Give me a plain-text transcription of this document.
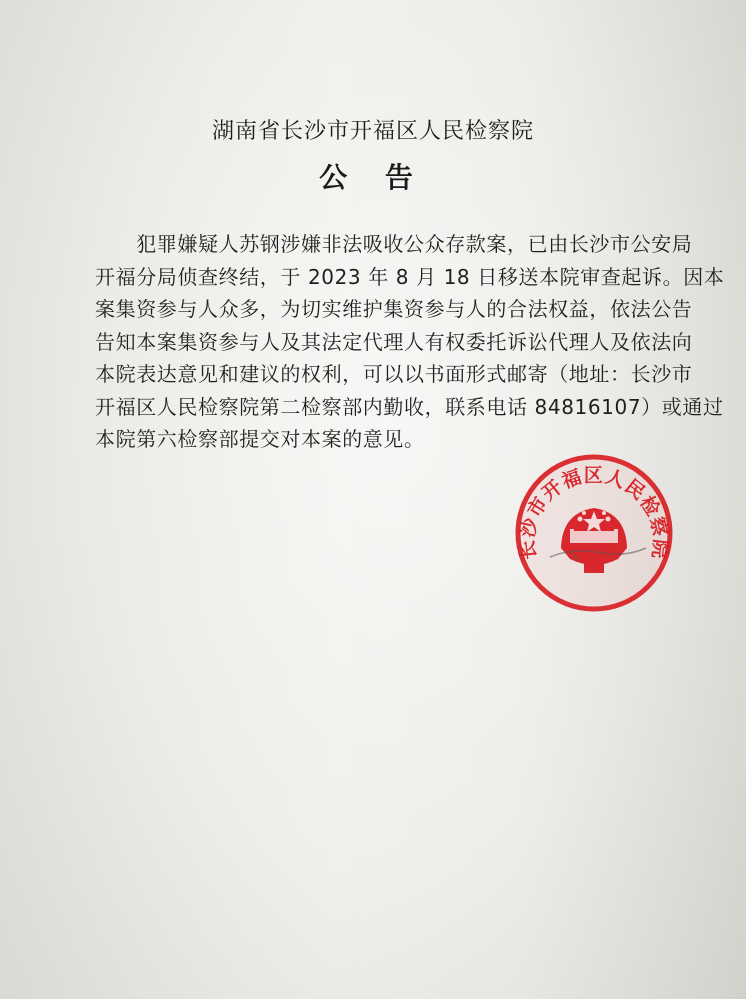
湖南省长沙市开福区人民检察院
公 告
　　犯罪嫌疑人苏钢涉嫌非法吸收公众存款案，已由长沙市公安局
开福分局侦查终结，于 2023 年 8 月 18 日移送本院审查起诉。因本
案集资参与人众多，为切实维护集资参与人的合法权益，依法公告
告知本案集资参与人及其法定代理人有权委托诉讼代理人及依法向
本院表达意见和建议的权利，可以以书面形式邮寄（地址：长沙市
开福区人民检察院第二检察部内勤收，联系电话 84816107）或通过
本院第六检察部提交对本案的意见。
长沙市开福区人民检察院
